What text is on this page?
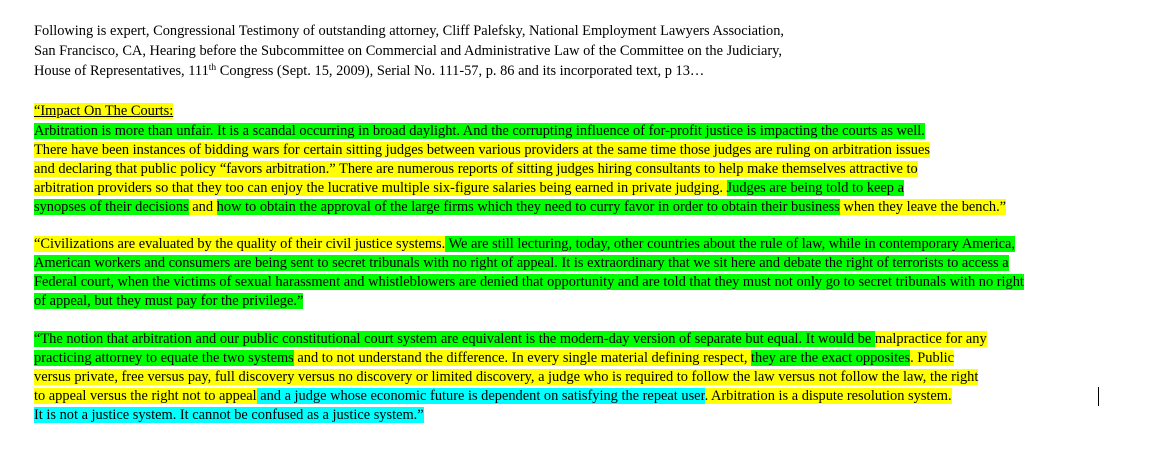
Following is expert, Congressional Testimony of outstanding attorney, Cliff Palefsky, National Employment Lawyers Association,
San Francisco, CA, Hearing before the Subcommittee on Commercial and Administrative Law of the Committee on the Judiciary,
House of Representatives, 111th Congress (Sept. 15, 2009), Serial No. 111-57, p. 86 and its incorporated text, p 13…
“Impact On The Courts:
Arbitration is more than unfair. It is a scandal occurring in broad daylight. And the corrupting influence of for-profit justice is impacting the courts as well.
There have been instances of bidding wars for certain sitting judges between various providers at the same time those judges are ruling on arbitration issues
and declaring that public policy “favors arbitration.” There are numerous reports of sitting judges hiring consultants to help make themselves attractive to
arbitration providers so that they too can enjoy the lucrative multiple six-figure salaries being earned in private judging. Judges are being told to keep a
synopses of their decisions and how to obtain the approval of the large firms which they need to curry favor in order to obtain their business when they leave the bench.”
“Civilizations are evaluated by the quality of their civil justice systems. We are still lecturing, today, other countries about the rule of law, while in contemporary America,
American workers and consumers are being sent to secret tribunals with no right of appeal. It is extraordinary that we sit here and debate the right of terrorists to access a
Federal court, when the victims of sexual harassment and whistleblowers are denied that opportunity and are told that they must not only go to secret tribunals with no right
of appeal, but they must pay for the privilege.”
“The notion that arbitration and our public constitutional court system are equivalent is the modern-day version of separate but equal. It would be malpractice for any
practicing attorney to equate the two systems and to not understand the difference. In every single material defining respect, they are the exact opposites. Public
versus private, free versus pay, full discovery versus no discovery or limited discovery, a judge who is required to follow the law versus not follow the law, the right
to appeal versus the right not to appeal and a judge whose economic future is dependent on satisfying the repeat user. Arbitration is a dispute resolution system.
It is not a justice system. It cannot be confused as a justice system.”
